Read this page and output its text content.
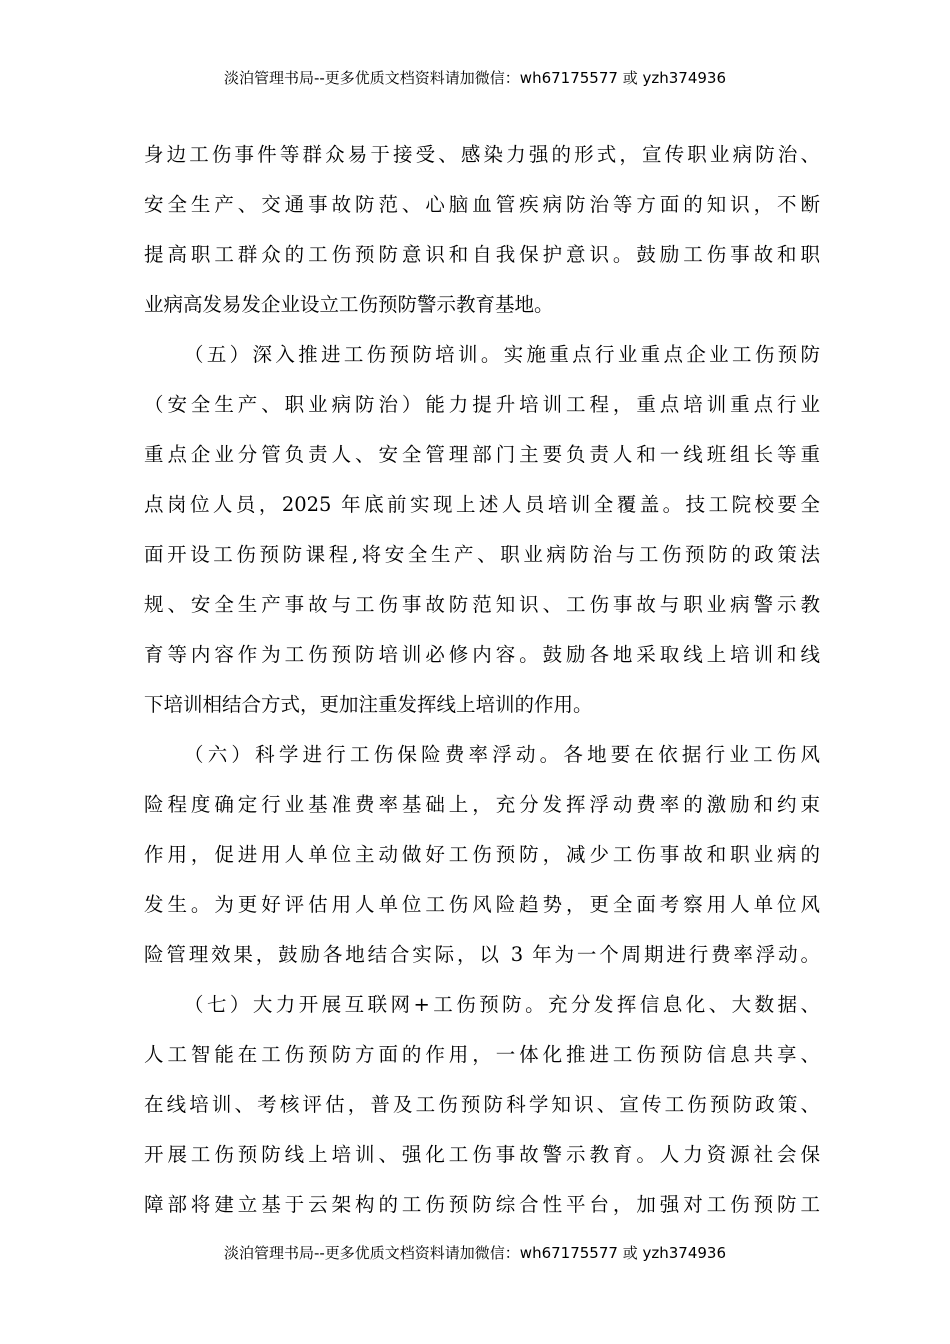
淡泊管理书局--更多优质文档资料请加微信：wh67175577 或 yzh374936
身边工伤事件等群众易于接受、感染力强的形式，宣传职业病防治、
安全生产、交通事故防范、心脑血管疾病防治等方面的知识，不断
提高职工群众的工伤预防意识和自我保护意识。鼓励工伤事故和职
业病高发易发企业设立工伤预防警示教育基地。
（五）深入推进工伤预防培训。实施重点行业重点企业工伤预防
（安全生产、职业病防治）能力提升培训工程，重点培训重点行业
重点企业分管负责人、安全管理部门主要负责人和一线班组长等重
点岗位人员，2025 年底前实现上述人员培训全覆盖。技工院校要全
面开设工伤预防课程,将安全生产、职业病防治与工伤预防的政策法
规、安全生产事故与工伤事故防范知识、工伤事故与职业病警示教
育等内容作为工伤预防培训必修内容。鼓励各地采取线上培训和线
下培训相结合方式，更加注重发挥线上培训的作用。
（六）科学进行工伤保险费率浮动。各地要在依据行业工伤风
险程度确定行业基准费率基础上，充分发挥浮动费率的激励和约束
作用，促进用人单位主动做好工伤预防，减少工伤事故和职业病的
发生。为更好评估用人单位工伤风险趋势，更全面考察用人单位风
险管理效果，鼓励各地结合实际，以 3 年为一个周期进行费率浮动。
（七）大力开展互联网+工伤预防。充分发挥信息化、大数据、
人工智能在工伤预防方面的作用，一体化推进工伤预防信息共享、
在线培训、考核评估，普及工伤预防科学知识、宣传工伤预防政策、
开展工伤预防线上培训、强化工伤事故警示教育。人力资源社会保
障部将建立基于云架构的工伤预防综合性平台，加强对工伤预防工
淡泊管理书局--更多优质文档资料请加微信：wh67175577 或 yzh374936
